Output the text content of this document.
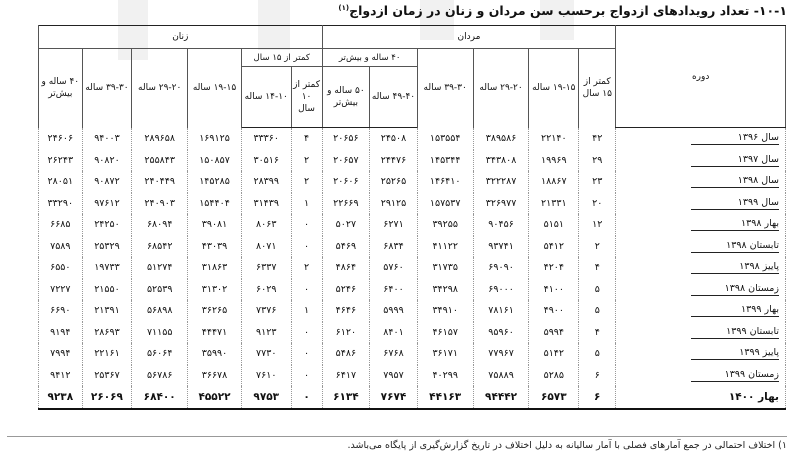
۱۰-۱- تعداد رویدادهای ازدواج برحسب سن مردان و زنان در زمان ازدواج$^{(۱)}$
دوره	مردان						زنان					
	کمتر از ۱۵ سال	۱۹-۱۵ ساله	۲۹-۲۰ ساله	۳۹-۳۰ ساله	۴۰ ساله و بیش‌تر		کمتر از ۱۵ سال		۱۹-۱۵ ساله	۲۹-۲۰ ساله	۳۹-۳۰ ساله	۴۰ ساله و بیش‌تر
					۴۹-۴۰ ساله	۵۰ ساله و بیش‌تر	کمتر از ۱۰ سال	۱۴-۱۰ ساله				
سال ۱۳۹۶	۴۲	۲۲۱۴۰	۳۸۹۵۸۶	۱۵۳۵۵۴	۲۴۵۰۸	۲۰۶۵۶	۴	۳۳۳۶۰	۱۶۹۱۲۵	۲۸۹۶۵۸	۹۴۰۰۳	۲۴۶۰۶
سال ۱۳۹۷	۲۹	۱۹۹۶۹	۳۴۳۸۰۸	۱۴۵۳۴۴	۲۴۴۷۶	۲۰۶۵۷	۲	۳۰۵۱۶	۱۵۰۸۵۷	۲۵۵۸۴۳	۹۰۸۲۰	۲۶۲۴۳
سال ۱۳۹۸	۲۳	۱۸۸۶۷	۳۲۲۲۸۷	۱۴۶۴۱۰	۲۵۲۶۵	۲۰۶۰۶	۲	۲۸۳۹۹	۱۴۵۲۸۵	۲۴۰۴۴۹	۹۰۸۷۲	۲۸۰۵۱
سال ۱۳۹۹	۲۰	۲۱۳۳۱	۳۲۶۹۷۷	۱۵۷۵۳۷	۲۹۱۲۵	۲۲۶۶۹	۱	۳۱۴۳۹	۱۵۴۴۰۴	۲۴۰۹۰۳	۹۷۶۱۲	۳۳۲۹۰
بهار ۱۳۹۸	۱۲	۵۱۵۱	۹۰۴۵۶	۳۹۲۵۵	۶۲۷۱	۵۰۲۷	۰	۸۰۶۳	۳۹۰۸۱	۶۸۰۹۴	۲۴۲۵۰	۶۶۸۵
تابستان ۱۳۹۸	۲	۵۴۱۲	۹۳۷۴۱	۴۱۱۲۲	۶۸۳۴	۵۴۶۹	۰	۸۰۷۱	۴۳۰۳۹	۶۸۵۴۲	۲۵۳۲۹	۷۵۸۹
پاییز ۱۳۹۸	۴	۴۲۰۴	۶۹۰۹۰	۳۱۷۳۵	۵۷۶۰	۴۸۶۴	۲	۶۳۳۷	۳۱۸۶۳	۵۱۲۷۴	۱۹۷۳۳	۶۵۵۰
زمستان ۱۳۹۸	۵	۴۱۰۰	۶۹۰۰۰	۳۴۲۹۸	۶۴۰۰	۵۲۴۶	۰	۶۰۲۹	۳۱۳۰۲	۵۲۵۳۹	۲۱۵۵۰	۷۲۲۷
بهار ۱۳۹۹	۵	۴۹۰۰	۷۸۱۶۱	۳۴۹۱۰	۵۹۹۹	۴۶۴۶	۱	۷۳۷۶	۳۶۲۶۵	۵۶۸۹۸	۲۱۳۹۱	۶۶۹۰
تابستان ۱۳۹۹	۴	۵۹۹۴	۹۵۹۶۰	۴۶۱۵۷	۸۴۰۱	۶۱۲۰	۰	۹۱۲۳	۴۴۴۷۱	۷۱۱۵۵	۲۸۶۹۳	۹۱۹۴
پاییز ۱۳۹۹	۵	۵۱۴۲	۷۷۹۶۷	۳۶۱۷۱	۶۷۶۸	۵۴۸۶	۰	۷۷۳۰	۳۵۹۹۰	۵۶۰۶۴	۲۲۱۶۱	۷۹۹۴
زمستان ۱۳۹۹	۶	۵۲۸۵	۷۵۸۸۹	۴۰۲۹۹	۷۹۵۷	۶۴۱۷	۰	۷۶۱۰	۳۶۶۷۸	۵۶۷۸۶	۲۵۳۶۷	۹۴۱۲
بهار ۱۴۰۰	۶	۶۵۷۳	۹۴۴۴۲	۴۴۱۶۳	۷۶۷۴	۶۱۳۴	۰	۹۷۵۳	۴۵۵۲۲	۶۸۴۰۰	۲۶۰۶۹	۹۲۳۸
۱) اختلاف احتمالی در جمع آمارهای فصلی با آمار سالیانه به دلیل اختلاف در تاریخ گزارش‌گیری از پایگاه می‌باشد.
